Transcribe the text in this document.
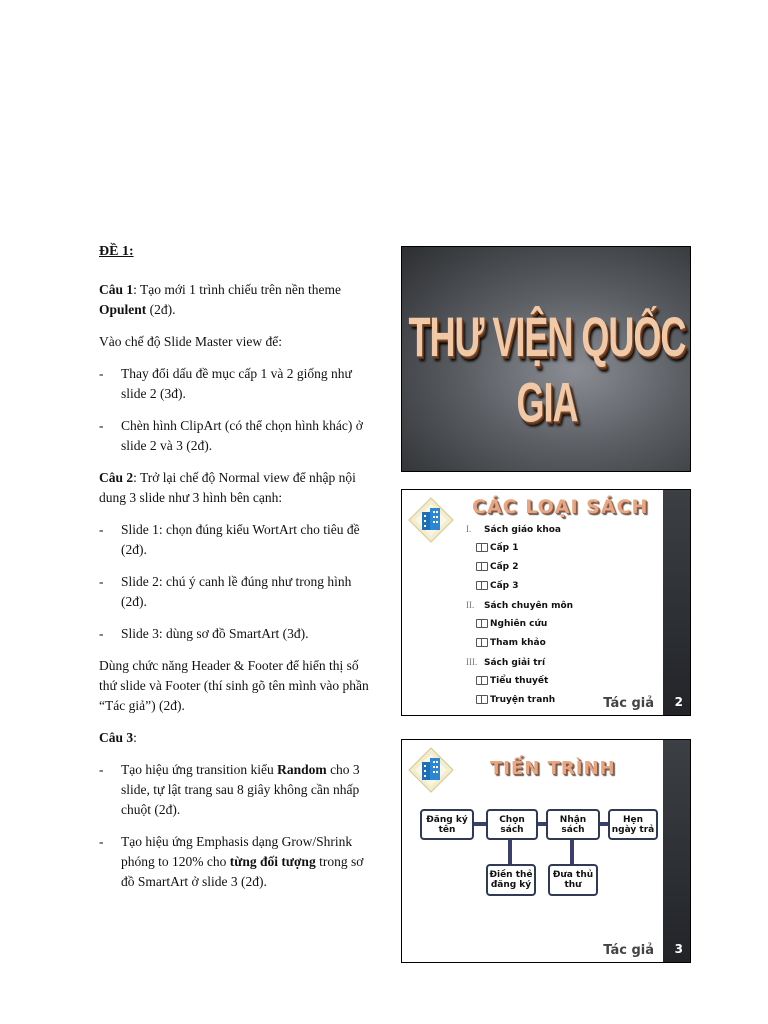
ĐỀ 1:

Câu 1: Tạo mới 1 trình chiếu trên nền theme Opulent (2đ).

Vào chế độ Slide Master view để:

- Thay đổi dấu đề mục cấp 1 và 2 giống như slide 2 (3đ).
- Chèn hình ClipArt (có thể chọn hình khác) ở slide 2 và 3 (2đ).

Câu 2: Trở lại chế độ Normal view để nhập nội dung 3 slide như 3 hình bên cạnh:

- Slide 1: chọn đúng kiểu WortArt cho tiêu đề (2đ).
- Slide 2: chú ý canh lề đúng như trong hình (2đ).
- Slide 3: dùng sơ đồ SmartArt (3đ).

Dùng chức năng Header & Footer để hiển thị số thứ slide và Footer (thí sinh gõ tên mình vào phần “Tác giả”) (2đ).

Câu 3:

- Tạo hiệu ứng transition kiểu Random cho 3 slide, tự lật trang sau 8 giây không cần nhấp chuột (2đ).
- Tạo hiệu ứng Emphasis dạng Grow/Shrink phóng to 120% cho từng đối tượng trong sơ đồ SmartArt ở slide 3 (2đ).
THƯ VIỆN QUỐC GIA
CÁC LOẠI SÁCH
I. Sách giáo khoa
Cấp 1
Cấp 2
Cấp 3
II. Sách chuyên môn
Nghiên cứu
Tham khảo
III. Sách giải trí
Tiểu thuyết
Truyện tranh	Tác giả 2
TIẾN TRÌNH
Đăng ký tên
Chọn sách
Nhận sách
Hẹn ngày trả
Điền thẻ đăng ký
Đưa thủ thư
Tác giả 3
